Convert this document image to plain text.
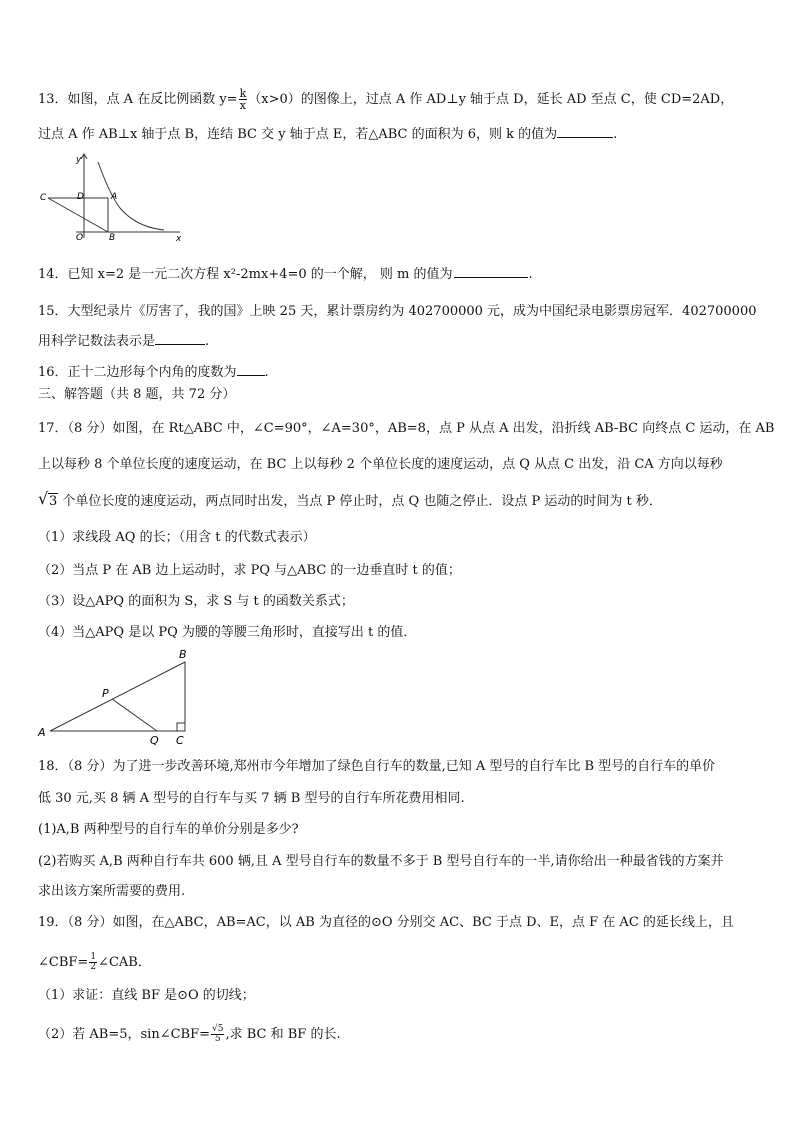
13．如图，点 A 在反比例函数 $y= \frac{k}{x} (x>0)$的图像上，过点 A 作 AD⊥y 轴于点 D，延长 AD 至点 C，使 CD=2AD，
过点 A 作 AB⊥x 轴于点 B，连结 BC 交 y 轴于点 E，若△ABC 的面积为 6，则 k 的值为	.
y
x
C	D	A
O	B
14．已知 x=2 是一元二次方程 x²-2mx+4=0 的一个解， 则 m 的值为	.
15．大型纪录片《厉害了，我的国》上映 25 天，累计票房约为 402700000 元，成为中国纪录电影票房冠军．402700000
用科学记数法表示是	.
16．正十二边形每个内角的度数为 .
三、解答题（共 8 题，共 72 分）
17．（8 分）如图，在 Rt△ABC 中，∠C=90°，∠A=30°，AB=8，点 P 从点 A 出发，沿折线 AB-BC 向终点 C 运动，在 AB
上以每秒 8 个单位长度的速度运动，在 BC 上以每秒 2 个单位长度的速度运动，点 Q 从点 C 出发，沿 CA 方向以每秒
√ 3 个单位长度的速度运动，两点同时出发，当点 P 停止时，点 Q 也随之停止．设点 P 运动的时间为 t 秒．
（1）求线段 AQ 的长；（用含 t 的代数式表示）
（2）当点 P 在 AB 边上运动时，求 PQ 与△ABC 的一边垂直时 t 的值；
（3）设△APQ 的面积为 S，求 S 与 t 的函数关系式；
（4）当△APQ 是以 PQ 为腰的等腰三角形时，直接写出 t 的值．
A
B
C
P
Q
18．（8 分）为了进一步改善环境,郑州市今年增加了绿色自行车的数量,已知 A 型号的自行车比 B 型号的自行车的单价
低 30 元,买 8 辆 A 型号的自行车与买 7 辆 B 型号的自行车所花费用相同.
(1)A,B 两种型号的自行车的单价分别是多少?
(2)若购买 A,B 两种自行车共 600 辆,且 A 型号自行车的数量不多于 B 型号自行车的一半,请你给出一种最省钱的方案并
求出该方案所需要的费用.
19．（8 分）如图，在△ABC，AB=AC，以 AB 为直径的⊙O 分别交 AC、BC 于点 D、E，点 F 在 AC 的延长线上，且
∠CBF= $\frac{1}{2}$ ∠CAB．
（1）求证：直线 BF 是⊙O 的切线；
（2）若 AB=5，sin∠CBF= $\frac{√5}{5}$ ,求 BC 和 BF 的长.
